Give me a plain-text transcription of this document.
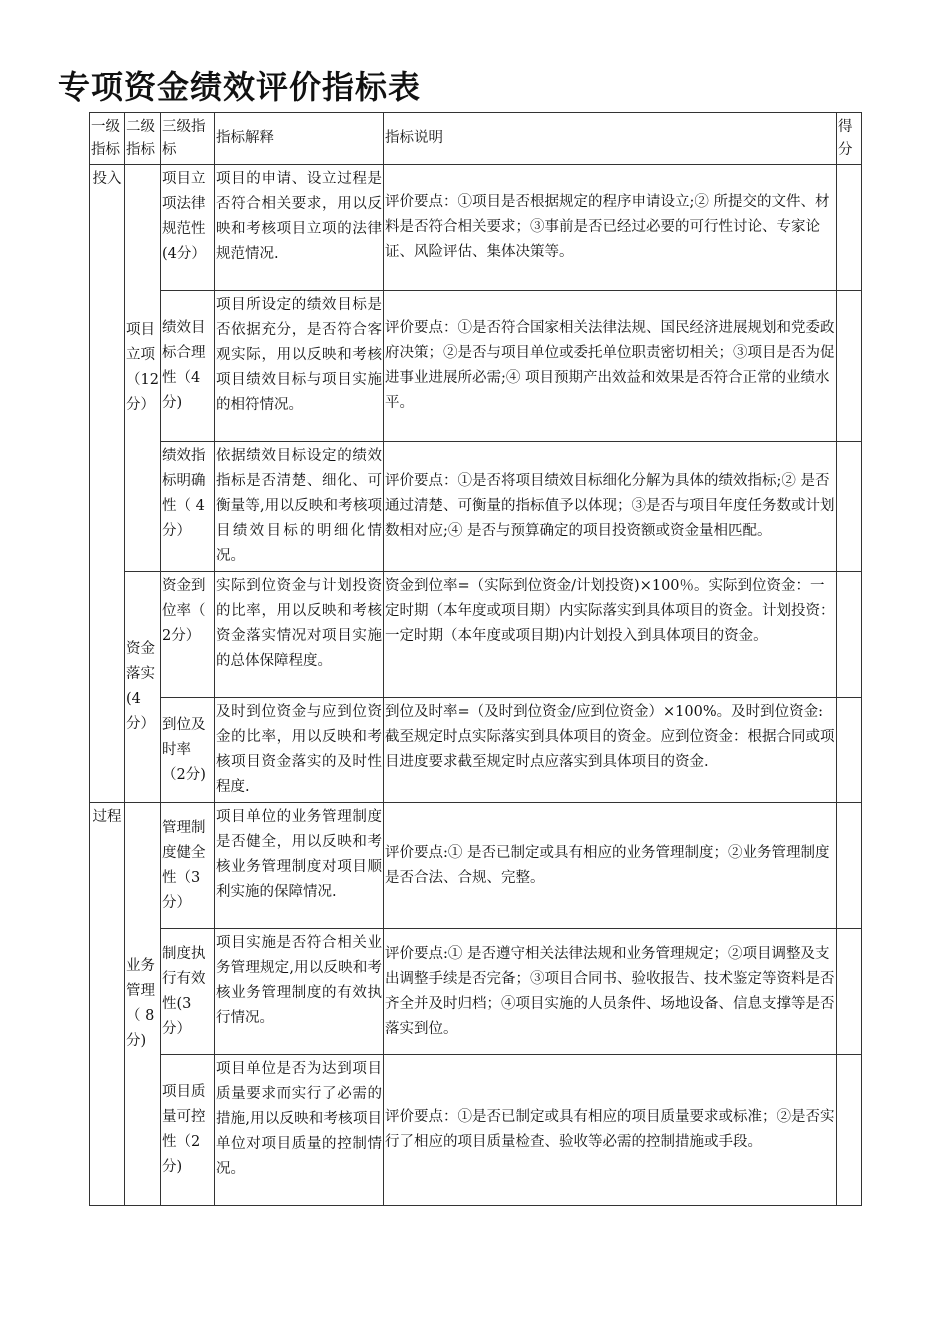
专项资金绩效评价指标表
一级指标	二级指标	三级指标	指标解释	指标说明	得分
投入	项目立项（12分）	项目立项法律规范性(4分）	项目的申请、设立过程是否符合相关要求，用以反映和考核项目立项的法律规范情况.	评价要点：①项目是否根据规定的程序申请设立;② 所提交的文件、材料是否符合相关要求；③事前是否已经过必要的可行性讨论、专家论证、风险评估、集体决策等。	
		绩效目标合理性（4分)	项目所设定的绩效目标是否依据充分，是否符合客观实际，用以反映和考核项目绩效目标与项目实施的相符情况。	评价要点：①是否符合国家相关法律法规、国民经济进展规划和党委政府决策；②是否与项目单位或委托单位职责密切相关；③项目是否为促进事业进展所必需;④ 项目预期产出效益和效果是否符合正常的业绩水平。	
		绩效指标明确性（ 4分）	依据绩效目标设定的绩效指标是否清楚、细化、可衡量等,用以反映和考核项目绩效目标的明细化情况。	评价要点：①是否将项目绩效目标细化分解为具体的绩效指标;② 是否通过清楚、可衡量的指标值予以体现；③是否与项目年度任务数或计划数相对应;④ 是否与预算确定的项目投资额或资金量相匹配。	
	资金落实(4分）	资金到位率（ 2分）	实际到位资金与计划投资的比率，用以反映和考核资金落实情况对项目实施的总体保障程度。	资金到位率=（实际到位资金/计划投资)×100％。实际到位资金：一定时期（本年度或项目期）内实际落实到具体项目的资金。计划投资：一定时期（本年度或项目期)内计划投入到具体项目的资金。	
		到位及时率（2分)	及时到位资金与应到位资金的比率，用以反映和考核项目资金落实的及时性程度.	到位及时率=（及时到位资金/应到位资金）×100%。及时到位资金:截至规定时点实际落实到具体项目的资金。应到位资金：根据合同或项目进度要求截至规定时点应落实到具体项目的资金.	
过程	业务管理（ 8分)	管理制度健全性（3分）	项目单位的业务管理制度是否健全，用以反映和考核业务管理制度对项目顺利实施的保障情况.	评价要点:① 是否已制定或具有相应的业务管理制度；②业务管理制度是否合法、合规、完整。	
		制度执行有效性(3分）	项目实施是否符合相关业务管理规定,用以反映和考核业务管理制度的有效执行情况。	评价要点:① 是否遵守相关法律法规和业务管理规定；②项目调整及支出调整手续是否完备；③项目合同书、验收报告、技术鉴定等资料是否齐全并及时归档；④项目实施的人员条件、场地设备、信息支撑等是否落实到位。	
		项目质量可控性（2分)	项目单位是否为达到项目质量要求而实行了必需的措施,用以反映和考核项目单位对项目质量的控制情况。	评价要点：①是否已制定或具有相应的项目质量要求或标准；②是否实行了相应的项目质量检查、验收等必需的控制措施或手段。	
